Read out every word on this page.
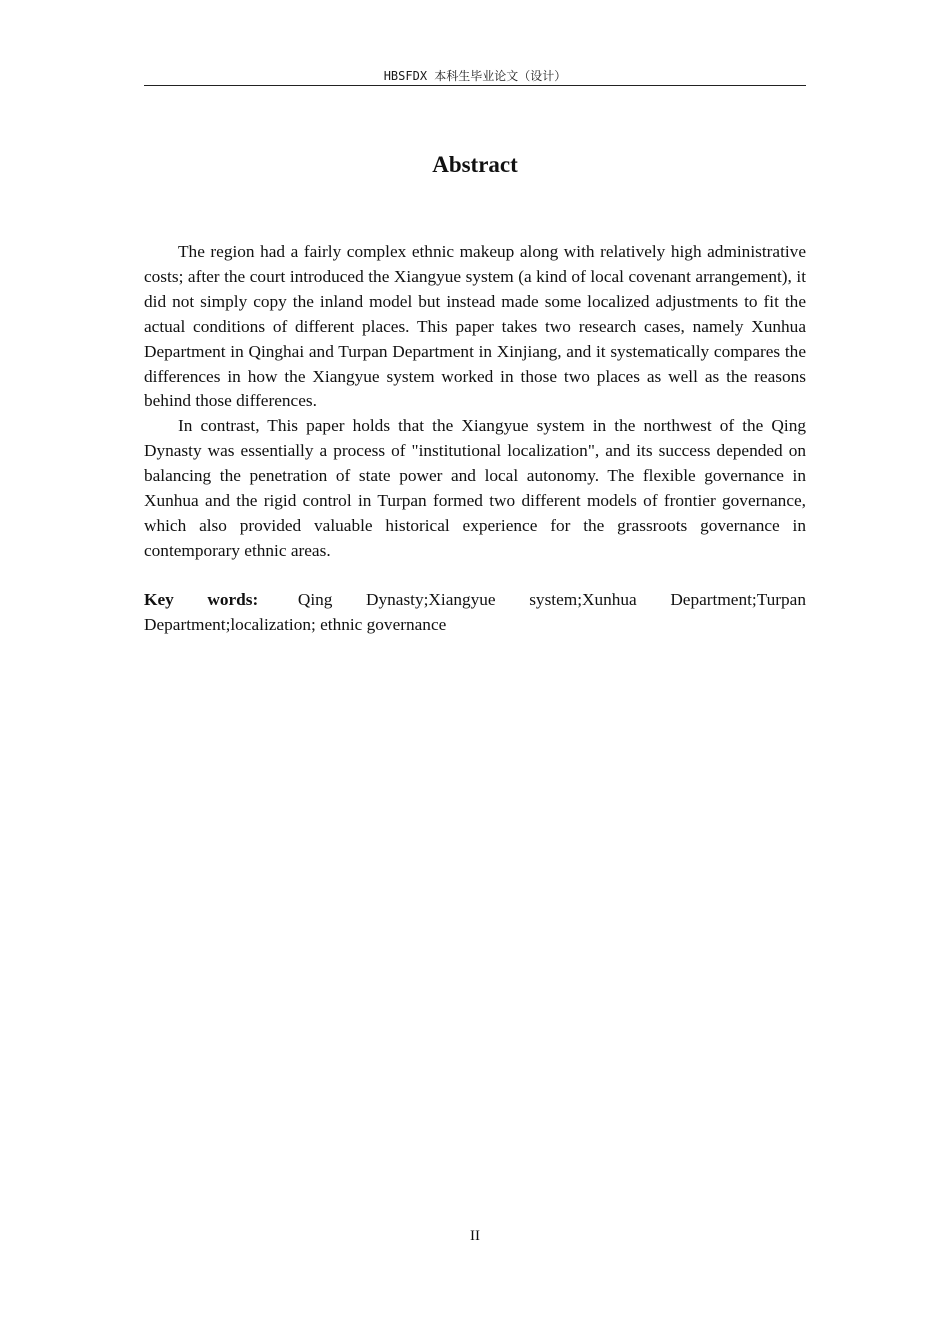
HBSFDX 本科生毕业论文（设计）
Abstract

The region had a fairly complex ethnic makeup along with relatively high administrative costs; after the court introduced the Xiangyue system (a kind of local covenant arrangement), it did not simply copy the inland model but instead made some localized adjustments to fit the actual conditions of different places. This paper takes two research cases, namely Xunhua Department in Qinghai and Turpan Department in Xinjiang, and it systematically compares the differences in how the Xiangyue system worked in those two places as well as the reasons behind those differences.

In contrast, This paper holds that the Xiangyue system in the northwest of the Qing Dynasty was essentially a process of "institutional localization", and its success depended on balancing the penetration of state power and local autonomy. The flexible governance in Xunhua and the rigid control in Turpan formed two different models of frontier governance, which also provided valuable historical experience for the grassroots governance in contemporary ethnic areas.

Key words: Qing Dynasty;Xiangyue system;Xunhua Department;Turpan Department;localization; ethnic governance

II
